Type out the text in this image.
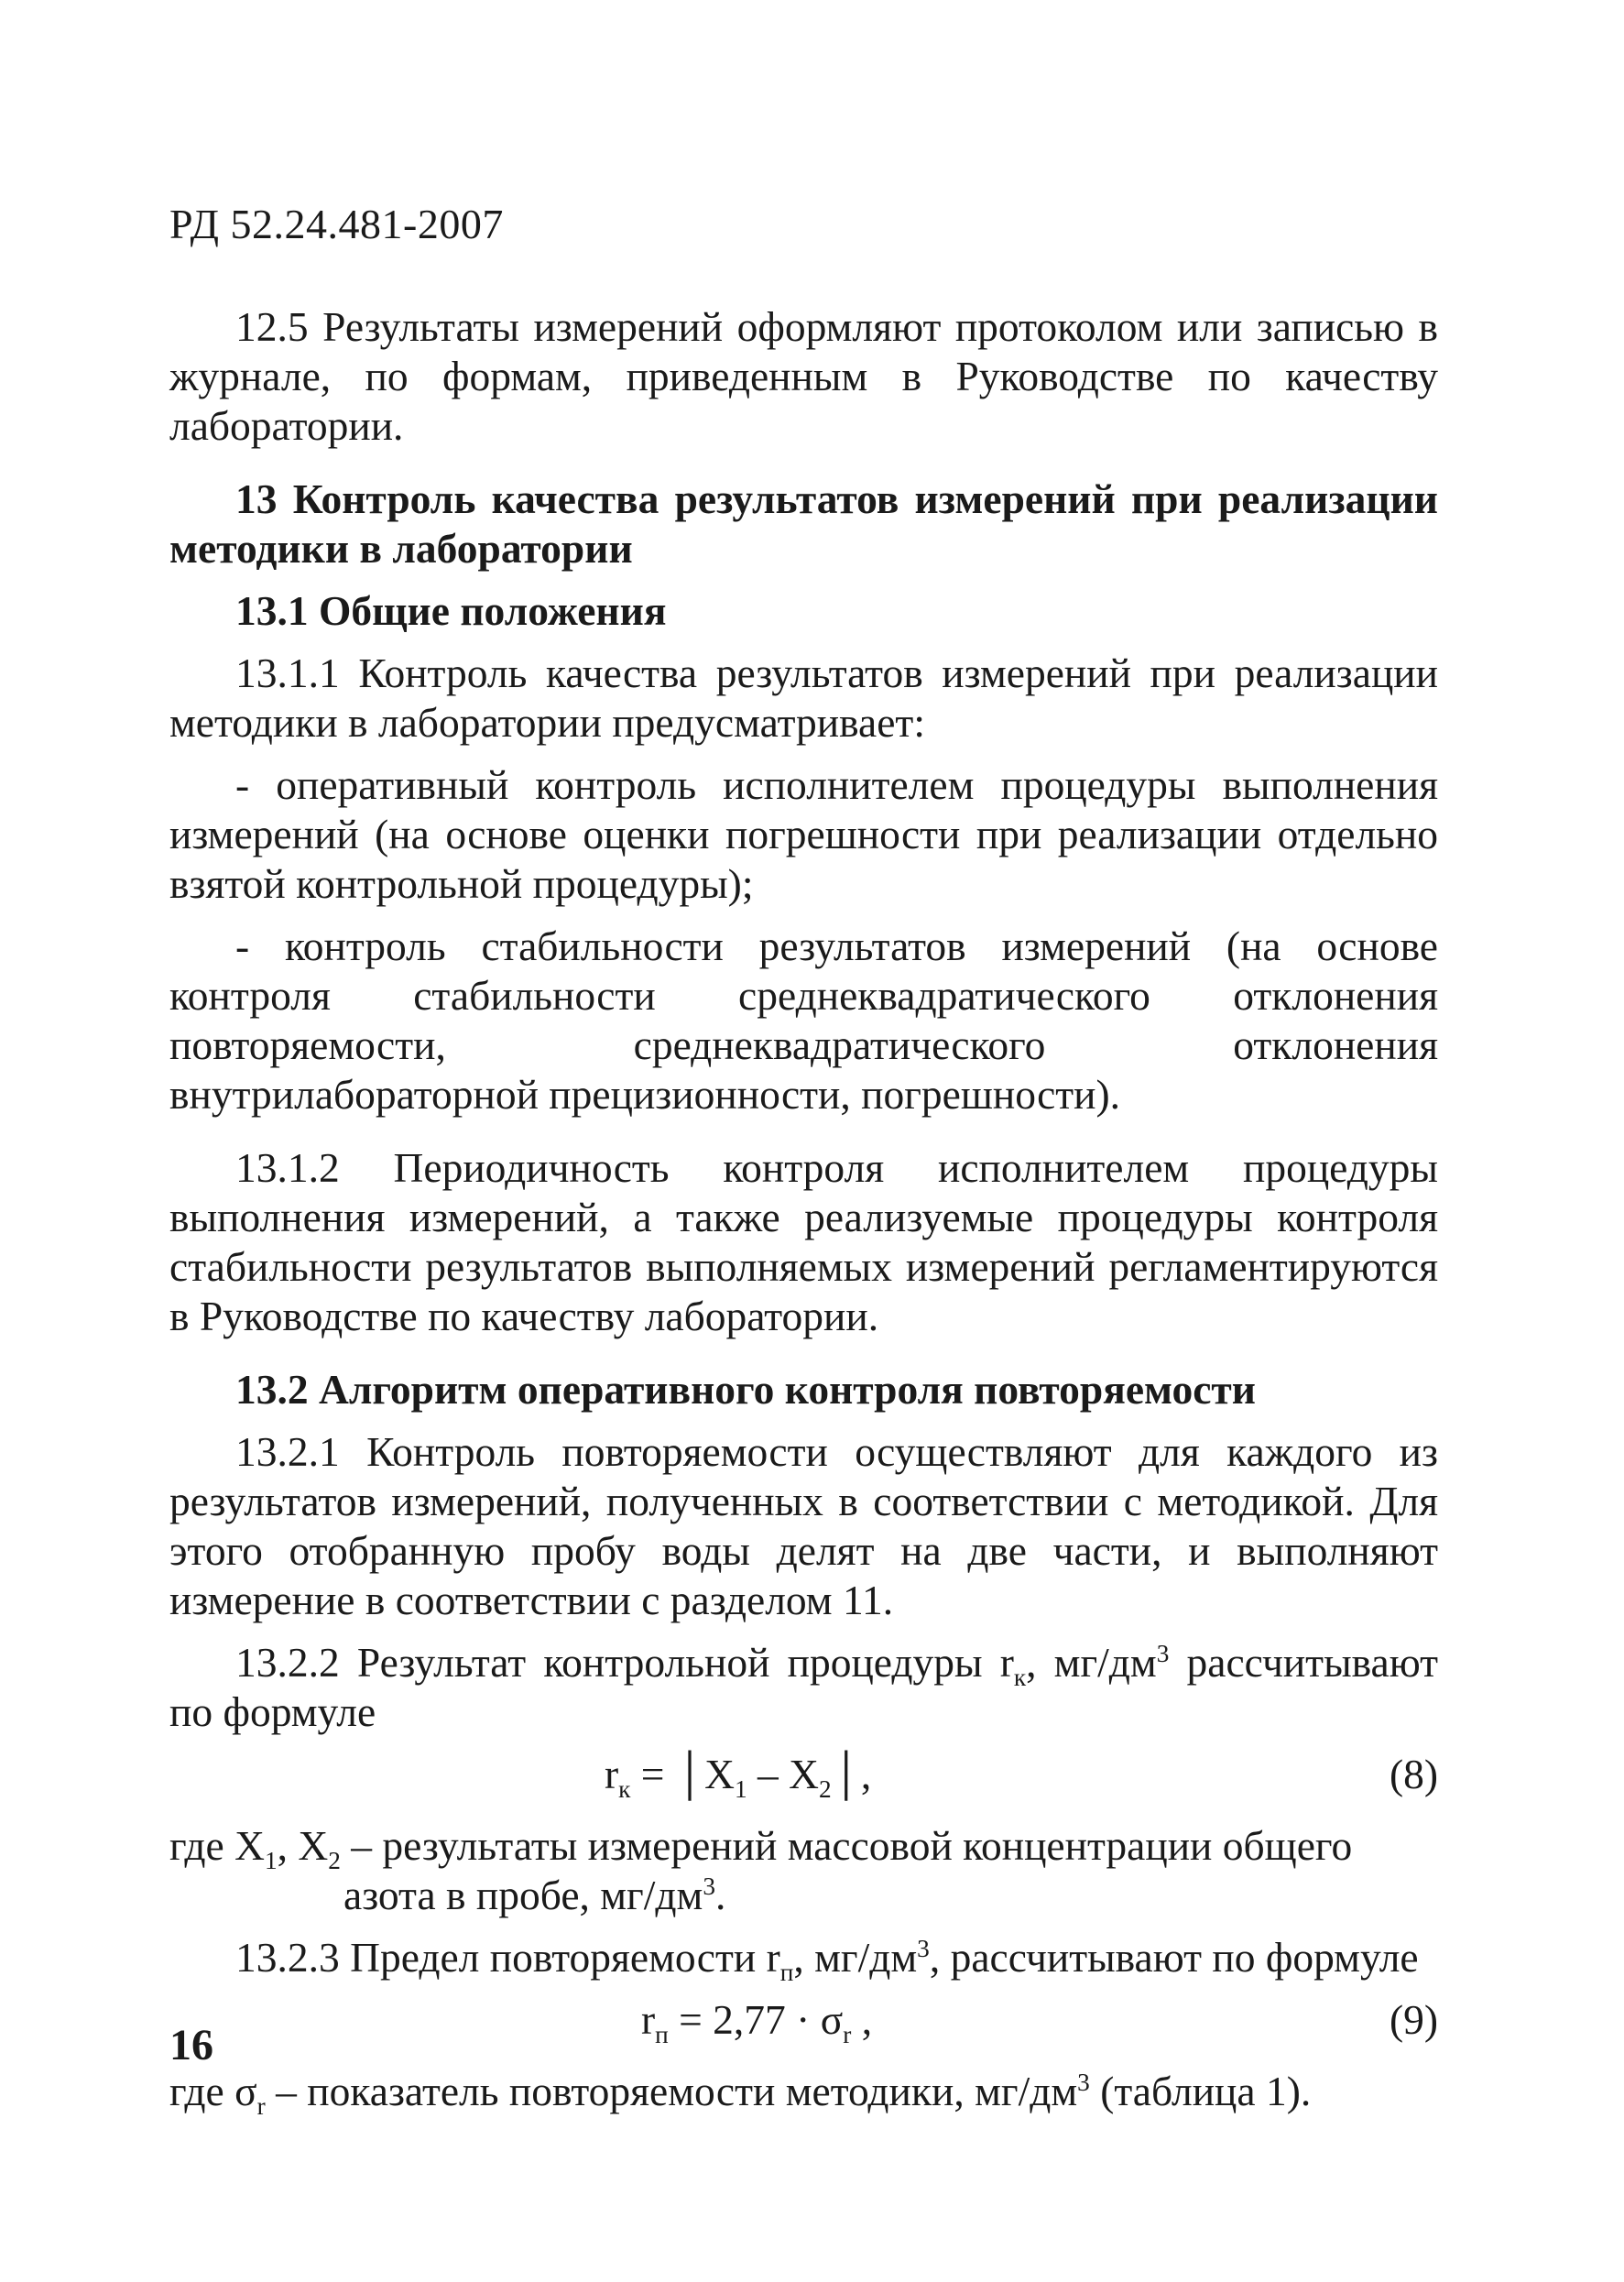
РД 52.24.481-2007

12.5 Результаты измерений оформляют протоколом или записью в журнале, по формам, приведенным в Руководстве по качеству лаборатории.

13 Контроль качества результатов измерений при реализации методики в лаборатории

13.1 Общие положения

13.1.1 Контроль качества результатов измерений при реализации методики в лаборатории предусматривает:

- оперативный контроль исполнителем процедуры выполнения измерений (на основе оценки погрешности при реализации отдельно взятой контрольной процедуры);

- контроль стабильности результатов измерений (на основе контроля стабильности среднеквадратического отклонения повторяемости, среднеквадратического отклонения внутрилабораторной прецизионности, погрешности).

13.1.2 Периодичность контроля исполнителем процедуры выполнения измерений, а также реализуемые процедуры контроля стабильности результатов выполняемых измерений регламентируются в Руководстве по качеству лаборатории.

13.2 Алгоритм оперативного контроля повторяемости

13.2.1 Контроль повторяемости осуществляют для каждого из результатов измерений, полученных в соответствии с методикой. Для этого отобранную пробу воды делят на две части, и выполняют измерение в соответствии с разделом 11.

13.2.2 Результат контрольной процедуры $r_к$, $мг/дм^3$ рассчитывают по формуле

$r_к$ = $│X_1$ – $X_2│$,	(8)

где $X_1$, $X_2$ – результаты измерений массовой концентрации общего азота в пробе, $мг/дм^3$.

13.2.3 Предел повторяемости $r_п$, $мг/дм^3$, рассчитывают по формуле

$r_п = 2,77 \cdot \sigma_r$ ,	(9)

где $\sigma_r$ – показатель повторяемости методики, $мг/дм^3$ (таблица 1).

16
